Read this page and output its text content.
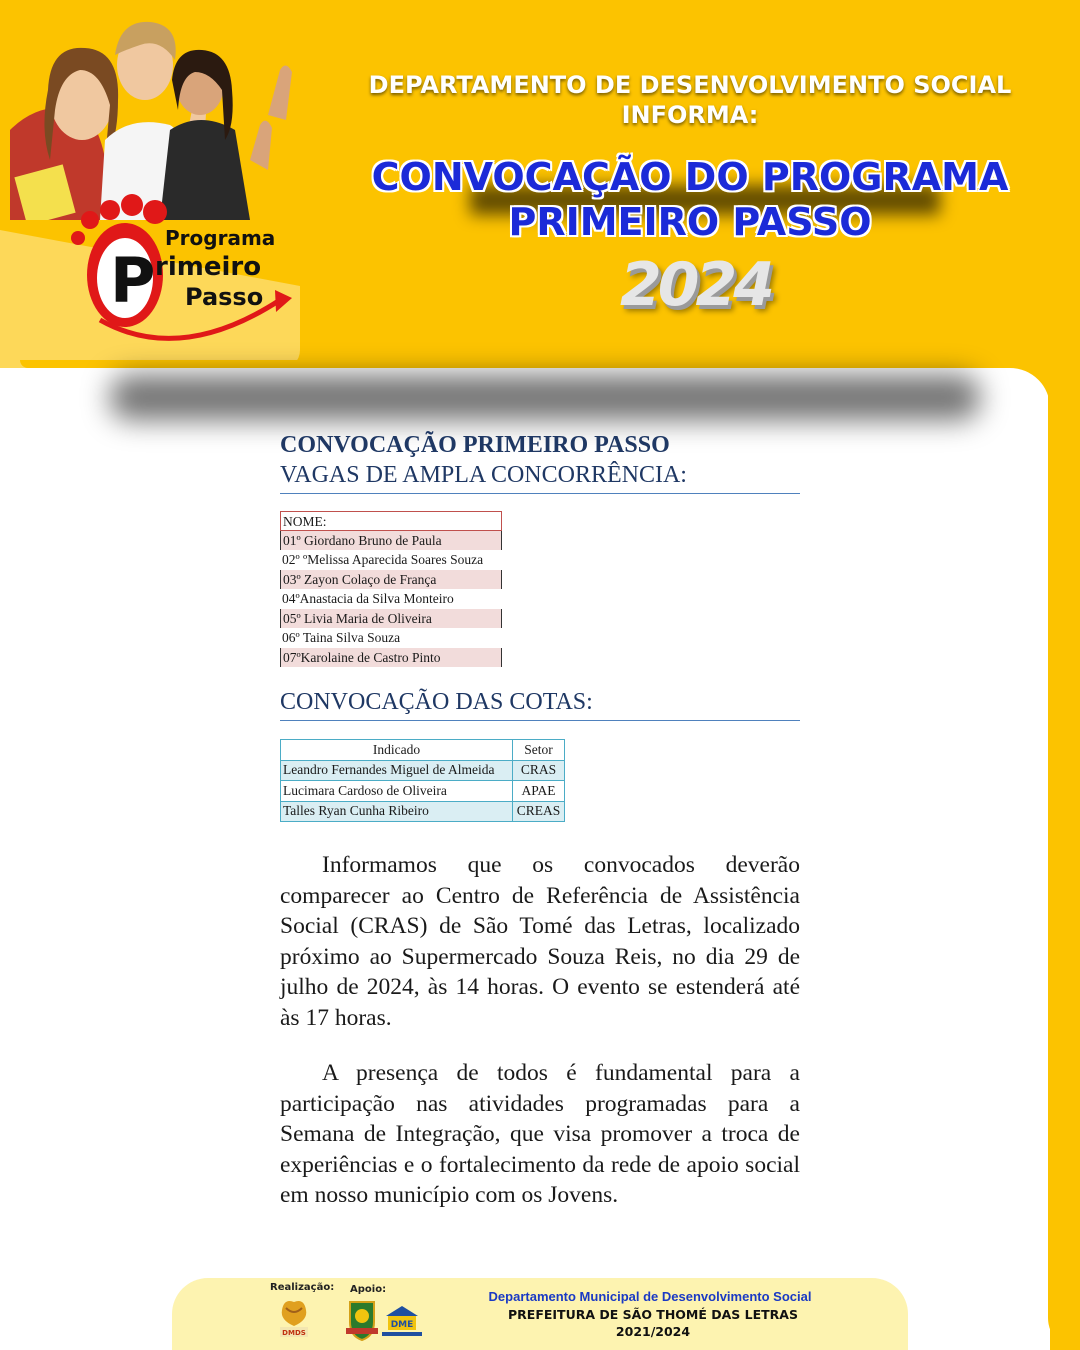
Programa
P rimeiro
Passo
DEPARTAMENTO DE DESENVOLVIMENTO SOCIAL
INFORMA:
CONVOCAÇÃO DO PROGRAMA
PRIMEIRO PASSO
2024
CONVOCAÇÃO PRIMEIRO PASSO
VAGAS DE AMPLA CONCORRÊNCIA:
NOME:
01º Giordano Bruno de Paula
02º ºMelissa Aparecida Soares Souza
03º Zayon Colaço de França
04ºAnastacia da Silva Monteiro
05º Livia Maria de Oliveira
06º Taina Silva Souza
07ºKarolaine de Castro Pinto
CONVOCAÇÃO DAS COTAS:
Indicado	Setor
Leandro Fernandes Miguel de Almeida	CRAS
Lucimara Cardoso de Oliveira	APAE
Talles Ryan Cunha Ribeiro	CREAS

Informamos que os convocados deverão comparecer ao Centro de Referência de Assistência Social (CRAS) de São Tomé das Letras, localizado próximo ao Supermercado Souza Reis, no dia 29 de julho de 2024, às 14 horas. O evento se estenderá até às 17 horas.

A presença de todos é fundamental para a participação nas atividades programadas para a Semana de Integração, que visa promover a troca de experiências e o fortalecimento da rede de apoio social em nosso município com os Jovens.

Realização: Apoio:
DMDS
DME
Departamento Municipal de Desenvolvimento Social
PREFEITURA DE SÃO THOMÉ DAS LETRAS
2021/2024
